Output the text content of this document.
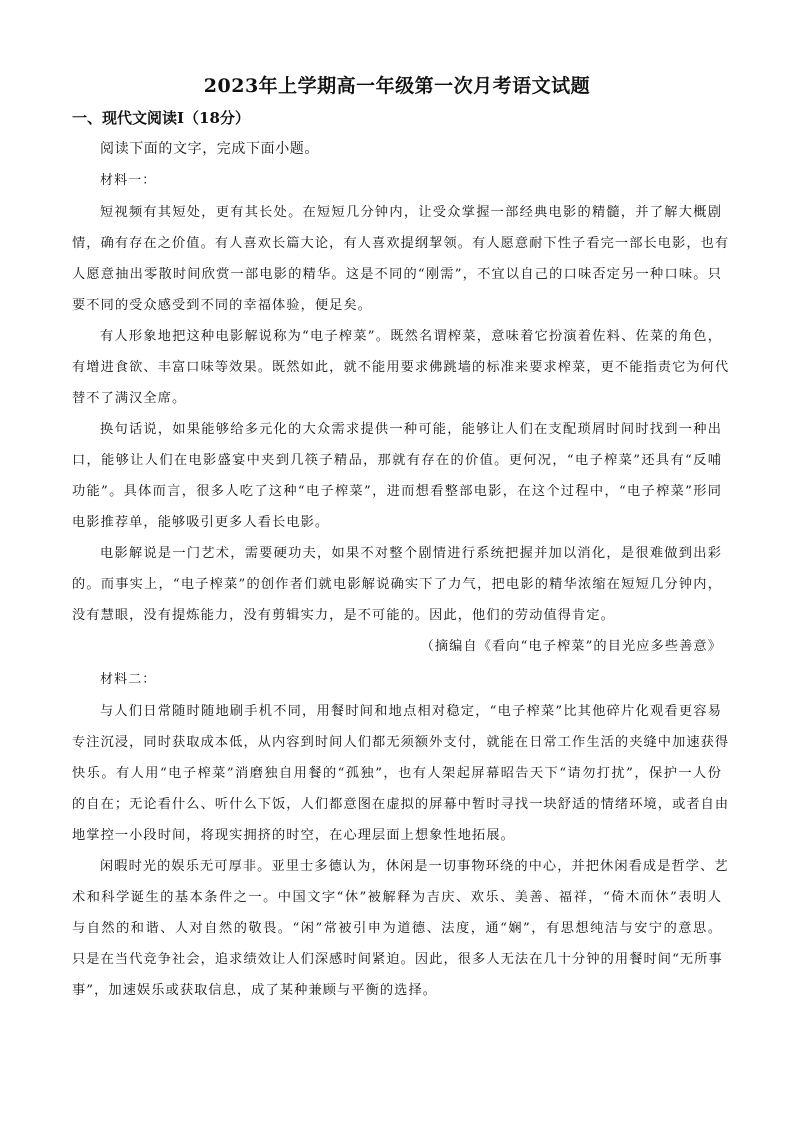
2023年上学期高一年级第一次月考语文试题
一、现代文阅读Ⅰ（18分）
阅读下面的文字，完成下面小题。
材料一：
短视频有其短处，更有其长处。在短短几分钟内，让受众掌握一部经典电影的精髓，并了解大概剧
情，确有存在之价值。有人喜欢长篇大论，有人喜欢提纲挈领。有人愿意耐下性子看完一部长电影，也有
人愿意抽出零散时间欣赏一部电影的精华。这是不同的“刚需”，不宜以自己的口味否定另一种口味。只
要不同的受众感受到不同的幸福体验，便足矣。
有人形象地把这种电影解说称为“电子榨菜”。既然名谓榨菜，意味着它扮演着佐料、佐菜的角色，
有增进食欲、丰富口味等效果。既然如此，就不能用要求佛跳墙的标准来要求榨菜，更不能指责它为何代
替不了满汉全席。
换句话说，如果能够给多元化的大众需求提供一种可能，能够让人们在支配琐屑时间时找到一种出
口，能够让人们在电影盛宴中夹到几筷子精品，那就有存在的价值。更何况，“电子榨菜”还具有“反哺
功能”。具体而言，很多人吃了这种“电子榨菜”，进而想看整部电影，在这个过程中，“电子榨菜”形同
电影推荐单，能够吸引更多人看长电影。
电影解说是一门艺术，需要硬功夫，如果不对整个剧情进行系统把握并加以消化，是很难做到出彩
的。而事实上，“电子榨菜”的创作者们就电影解说确实下了力气，把电影的精华浓缩在短短几分钟内，
没有慧眼，没有提炼能力，没有剪辑实力，是不可能的。因此，他们的劳动值得肯定。
（摘编自《看向“电子榨菜”的目光应多些善意》
材料二：
与人们日常随时随地刷手机不同，用餐时间和地点相对稳定，“电子榨菜”比其他碎片化观看更容易
专注沉浸，同时获取成本低，从内容到时间人们都无须额外支付，就能在日常工作生活的夹缝中加速获得
快乐。有人用“电子榨菜”消磨独自用餐的“孤独”，也有人架起屏幕昭告天下“请勿打扰”，保护一人份
的自在；无论看什么、听什么下饭，人们都意图在虚拟的屏幕中暂时寻找一块舒适的情绪环境，或者自由
地掌控一小段时间，将现实拥挤的时空，在心理层面上想象性地拓展。
闲暇时光的娱乐无可厚非。亚里士多德认为，休闲是一切事物环绕的中心，并把休闲看成是哲学、艺
术和科学诞生的基本条件之一。中国文字“休”被解释为吉庆、欢乐、美善、福祥，“倚木而休”表明人
与自然的和谐、人对自然的敬畏。“闲”常被引申为道德、法度，通“娴”，有思想纯洁与安宁的意思。
只是在当代竞争社会，追求绩效让人们深感时间紧迫。因此，很多人无法在几十分钟的用餐时间“无所事
事”，加速娱乐或获取信息，成了某种兼顾与平衡的选择。
